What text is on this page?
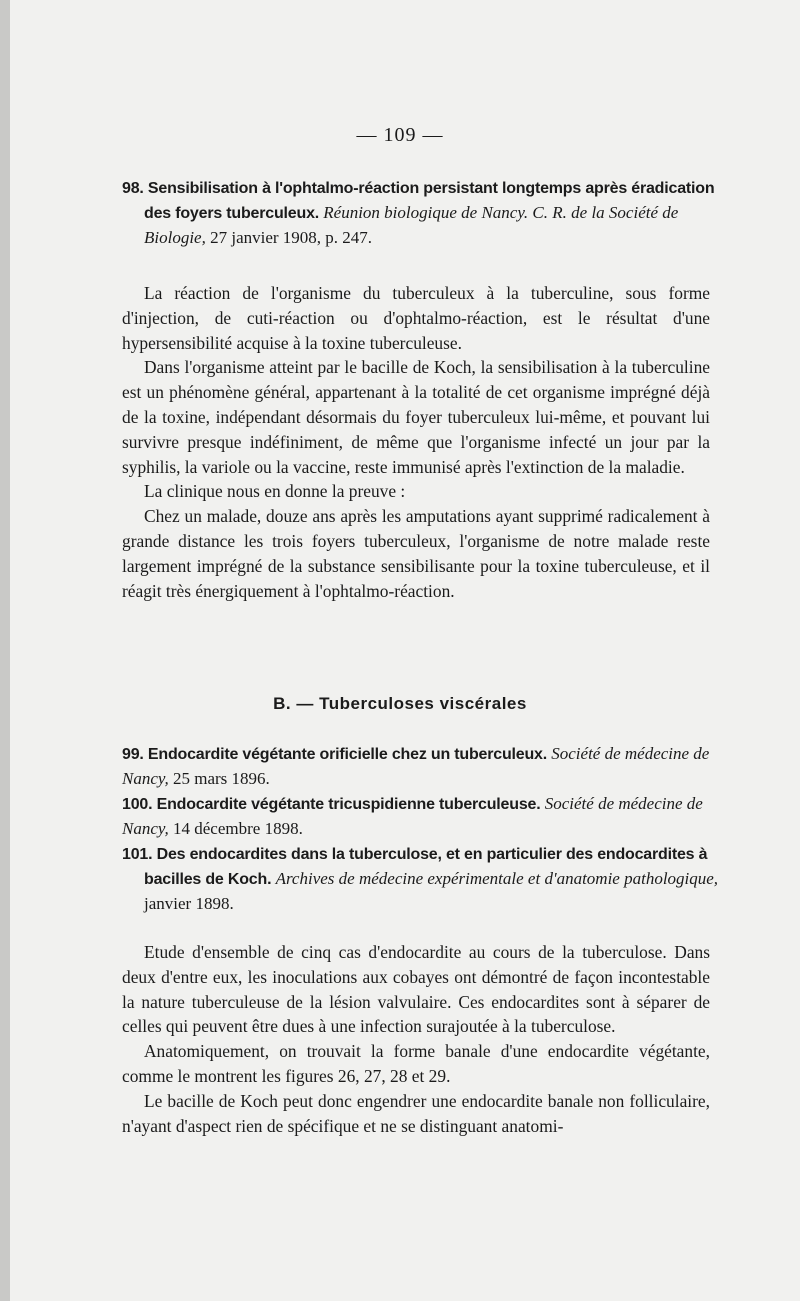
— 109 —
98. Sensibilisation à l'ophtalmo-réaction persistant longtemps après éradication des foyers tuberculeux. Réunion biologique de Nancy. C. R. de la Société de Biologie, 27 janvier 1908, p. 247.

La réaction de l'organisme du tuberculeux à la tuberculine, sous forme d'injection, de cuti-réaction ou d'ophtalmo-réaction, est le résultat d'une hypersensibilité acquise à la toxine tuberculeuse.

Dans l'organisme atteint par le bacille de Koch, la sensibilisation à la tuberculine est un phénomène général, appartenant à la totalité de cet organisme imprégné déjà de la toxine, indépendant désormais du foyer tuberculeux lui-même, et pouvant lui survivre presque indéfiniment, de même que l'organisme infecté un jour par la syphilis, la variole ou la vaccine, reste immunisé après l'extinction de la maladie.

La clinique nous en donne la preuve :

Chez un malade, douze ans après les amputations ayant supprimé radicalement à grande distance les trois foyers tuberculeux, l'organisme de notre malade reste largement imprégné de la substance sensibilisante pour la toxine tuberculeuse, et il réagit très énergiquement à l'ophtalmo-réaction.

B. — Tuberculoses viscérales
99. Endocardite végétante orificielle chez un tuberculeux. Société de médecine de Nancy, 25 mars 1896.
100. Endocardite végétante tricuspidienne tuberculeuse. Société de médecine de Nancy, 14 décembre 1898.
101. Des endocardites dans la tuberculose, et en particulier des endocardites à bacilles de Koch. Archives de médecine expérimentale et d'anatomie pathologique, janvier 1898.

Etude d'ensemble de cinq cas d'endocardite au cours de la tuberculose. Dans deux d'entre eux, les inoculations aux cobayes ont démontré de façon incontestable la nature tuberculeuse de la lésion valvulaire. Ces endocardites sont à séparer de celles qui peuvent être dues à une infection surajoutée à la tuberculose.

Anatomiquement, on trouvait la forme banale d'une endocardite végétante, comme le montrent les figures 26, 27, 28 et 29.

Le bacille de Koch peut donc engendrer une endocardite banale non folliculaire, n'ayant d'aspect rien de spécifique et ne se distinguant anatomi-
